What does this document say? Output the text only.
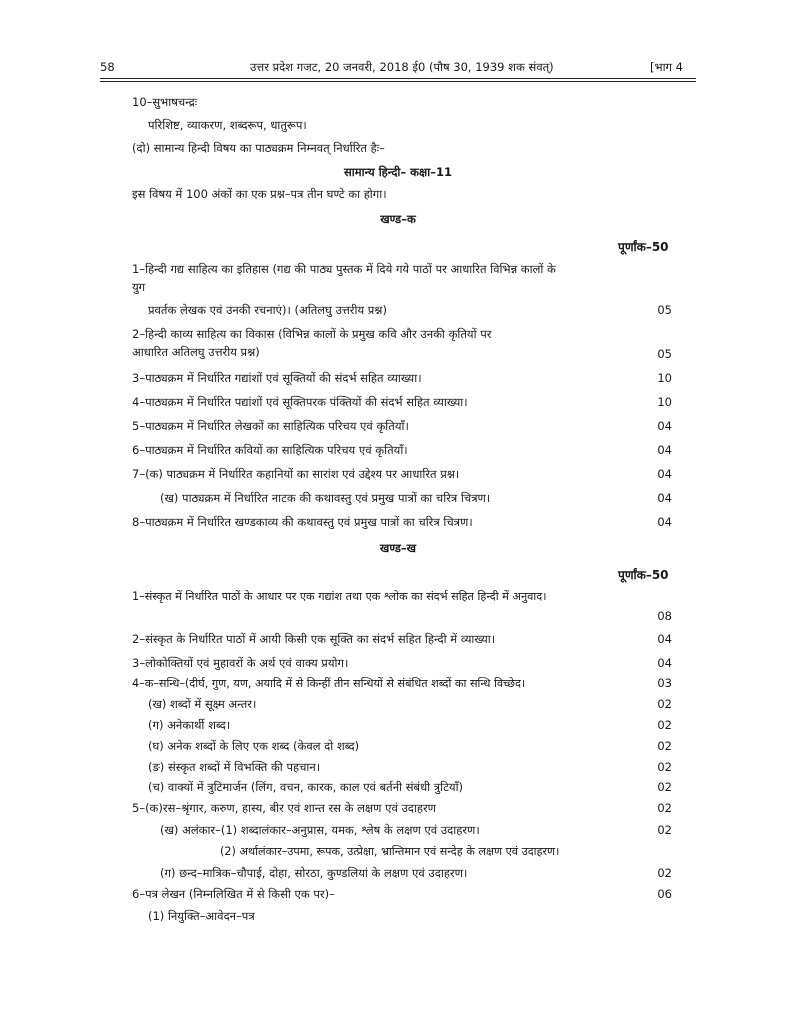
58	उत्तर प्रदेश गजट, 20 जनवरी, 2018 ई0 (पौष 30, 1939 शक संवत्)	[भाग 4
10–सुभाषचन्द्रः
परिशिष्ट, व्याकरण, शब्दरूप, धातुरूप।
(दो) सामान्य हिन्दी विषय का पाठ्यक्रम निम्नवत् निर्धारित हैः–
सामान्य हिन्दी– कक्षा–11
इस विषय में 100 अंकों का एक प्रश्न–पत्र तीन घण्टे का होगा।
खण्ड–क
पूर्णांक–50
1–हिन्दी गद्य साहित्य का इतिहास (गद्य की पाठ्य पुस्तक में दिये गये पाठों पर आधारित विभिन्न कालों के
युग
प्रवर्तक लेखक एवं उनकी रचनाएं)। (अतिलघु उत्तरीय प्रश्न)	05
2–हिन्दी काव्य साहित्य का विकास (विभिन्न कालों के प्रमुख कवि और उनकी कृतियों पर
आधारित अतिलघु उत्तरीय प्रश्न)	05
3–पाठ्यक्रम में निर्धारित गद्यांशों एवं सूक्तियों की संदर्भ सहित व्याख्या।	10
4–पाठ्यक्रम में निर्धारित पद्यांशों एवं सूक्तिपरक पंक्तियों की संदर्भ सहित व्याख्या।	10
5–पाठ्यक्रम में निर्धारित लेखकों का साहित्यिक परिचय एवं कृतियाँ।	04
6–पाठ्यक्रम में निर्धारित कवियों का साहित्यिक परिचय एवं कृतियाँ।	04
7–(क) पाठ्यक्रम में निर्धारित कहानियों का सारांश एवं उद्देश्य पर आधारित प्रश्न।	04
(ख) पाठ्यक्रम में निर्धारित नाटक की कथावस्तु एवं प्रमुख पात्रों का चरित्र चित्रण।	04
8–पाठ्यक्रम में निर्धारित खण्डकाव्य की कथावस्तु एवं प्रमुख पात्रों का चरित्र चित्रण।	04
खण्ड–ख
पूर्णांक–50
1–संस्कृत में निर्धारित पाठों के आधार पर एक गद्यांश तथा एक श्लोक का संदर्भ सहित हिन्दी में अनुवाद।
08
2–संस्कृत के निर्धारित पाठों में आयी किसी एक सूक्ति का संदर्भ सहित हिन्दी में व्याख्या।	04
3–लोकोक्तियों एवं मुहावरों के अर्थ एवं वाक्य प्रयोग।	04
4–क–सन्धि–(दीर्घ, गुण, यण, अयादि में से किन्हीं तीन सन्धियों से संबंधित शब्दों का सन्धि विच्छेद।	03
(ख) शब्दों में सूक्ष्म अन्तर।	02
(ग) अनेकार्थी शब्द।	02
(घ) अनेक शब्दों के लिए एक शब्द (केवल दो शब्द)	02
(ङ) संस्कृत शब्दों में विभक्ति की पहचान।	02
(च) वाक्यों में त्रुटिमार्जन (लिंग, वचन, कारक, काल एवं बर्तनी संबंधी त्रुटियाँ)	02
5–(क)रस–श्रृंगार, करुण, हास्य, बीर एवं शान्त रस के लक्षण एवं उदाहरण	02
(ख) अलंकार–(1) शब्दालंकार–अनुप्रास, यमक, श्लेष के लक्षण एवं उदाहरण।	02
(2) अर्थालंकार–उपमा, रूपक, उत्प्रेक्षा, भ्रान्तिमान एवं सन्देह के लक्षण एवं उदाहरण।
(ग) छन्द–मात्रिक–चौपाई, दोहा, सोरठा, कुण्डलियां के लक्षण एवं उदाहरण।	02
6–पत्र लेखन (निम्नलिखित में से किसी एक पर)–	06
(1) नियुक्ति–आवेदन–पत्र
